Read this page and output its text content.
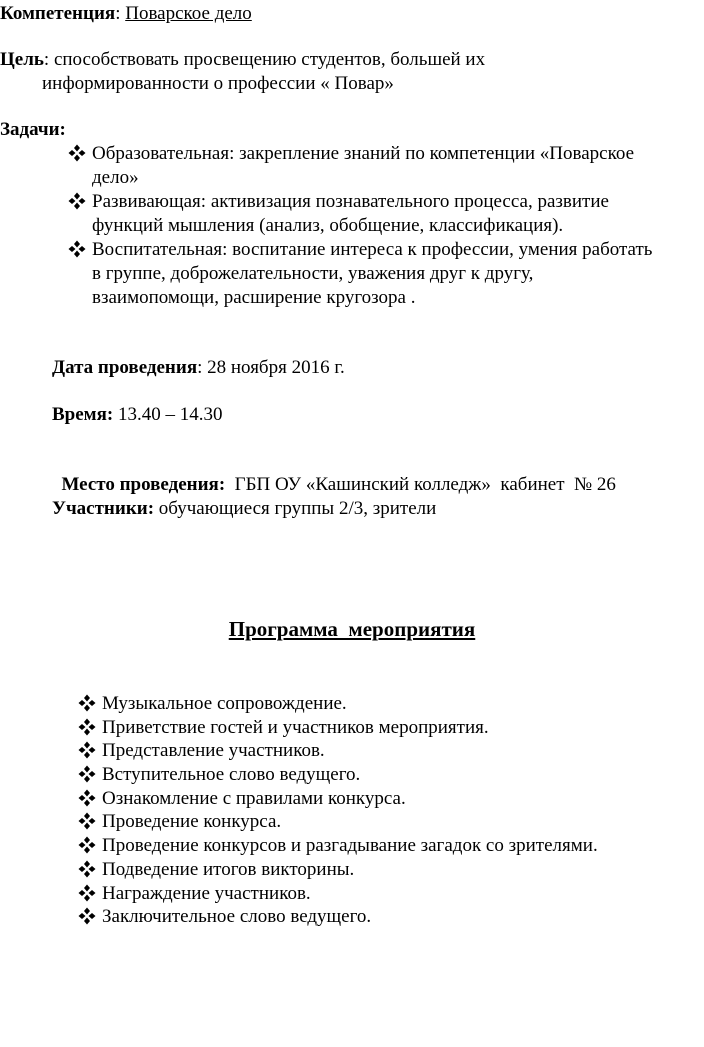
Компетенция: Поварское дело
Цель: способствовать просвещению студентов, большей их
информированности о профессии « Повар»
Задачи:
Образовательная: закрепление знаний по компетенции «Поварское
дело»
Развивающая: активизация познавательного процесса, развитие
функций мышления (анализ, обобщение, классификация).
Воспитательная: воспитание интереса к профессии, умения работать
в группе, доброжелательности, уважения друг к другу,
взаимопомощи, расширение кругозора .
Дата проведения: 28 ноября 2016 г.
Время: 13.40 – 14.30

Место проведения:  ГБП ОУ «Кашинский колледж»  кабинет  № 26

Участники: обучающиеся группы 2/3, зрители
Программа  мероприятия
Музыкальное сопровождение.
Приветствие гостей и участников мероприятия.
Представление участников.
Вступительное слово ведущего.
Ознакомление с правилами конкурса.
Проведение конкурса.
Проведение конкурсов и разгадывание загадок со зрителями.
Подведение итогов викторины.
Награждение участников.
Заключительное слово ведущего.
